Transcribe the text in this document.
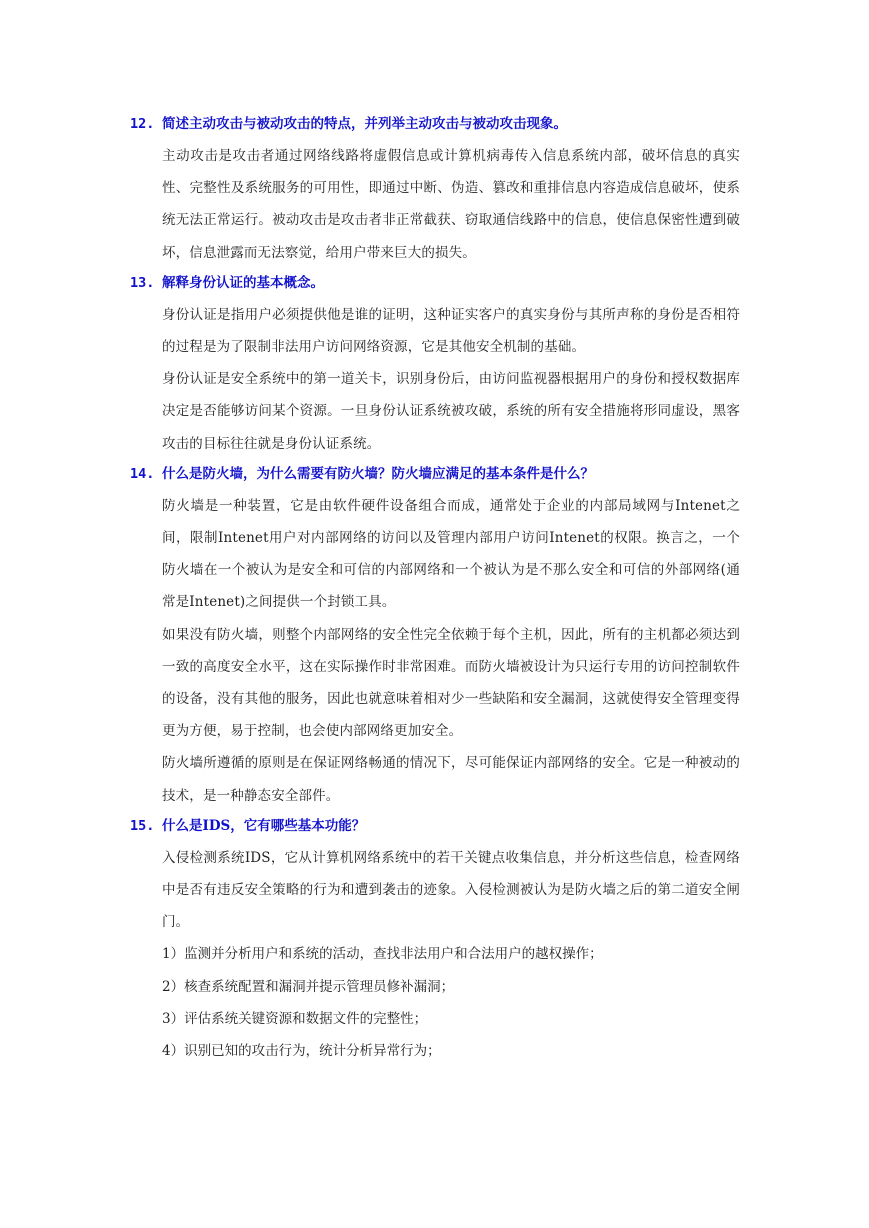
12. 简述主动攻击与被动攻击的特点，并列举主动攻击与被动攻击现象。
主动攻击是攻击者通过网络线路将虚假信息或计算机病毒传入信息系统内部，破坏信息的真实性、完整性及系统服务的可用性，即通过中断、伪造、篡改和重排信息内容造成信息破坏，使系统无法正常运行。被动攻击是攻击者非正常截获、窃取通信线路中的信息，使信息保密性遭到破坏，信息泄露而无法察觉，给用户带来巨大的损失。
13. 解释身份认证的基本概念。
身份认证是指用户必须提供他是谁的证明，这种证实客户的真实身份与其所声称的身份是否相符的过程是为了限制非法用户访问网络资源，它是其他安全机制的基础。
身份认证是安全系统中的第一道关卡，识别身份后，由访问监视器根据用户的身份和授权数据库决定是否能够访问某个资源。一旦身份认证系统被攻破，系统的所有安全措施将形同虚设，黑客攻击的目标往往就是身份认证系统。
14. 什么是防火墙，为什么需要有防火墙？防火墙应满足的基本条件是什么？
防火墙是一种装置，它是由软件硬件设备组合而成，通常处于企业的内部局域网与Intenet之间，限制Intenet用户对内部网络的访问以及管理内部用户访问Intenet的权限。换言之，一个防火墙在一个被认为是安全和可信的内部网络和一个被认为是不那么安全和可信的外部网络(通常是Intenet)之间提供一个封锁工具。
如果没有防火墙，则整个内部网络的安全性完全依赖于每个主机，因此，所有的主机都必须达到一致的高度安全水平，这在实际操作时非常困难。而防火墙被设计为只运行专用的访问控制软件的设备，没有其他的服务，因此也就意味着相对少一些缺陷和安全漏洞，这就使得安全管理变得更为方便，易于控制，也会使内部网络更加安全。
防火墙所遵循的原则是在保证网络畅通的情况下，尽可能保证内部网络的安全。它是一种被动的技术，是一种静态安全部件。
15. 什么是IDS，它有哪些基本功能？
入侵检测系统IDS，它从计算机网络系统中的若干关键点收集信息，并分析这些信息，检查网络中是否有违反安全策略的行为和遭到袭击的迹象。入侵检测被认为是防火墙之后的第二道安全闸门。
1）监测并分析用户和系统的活动，查找非法用户和合法用户的越权操作；
2）核查系统配置和漏洞并提示管理员修补漏洞；
3）评估系统关键资源和数据文件的完整性；
4）识别已知的攻击行为，统计分析异常行为；
